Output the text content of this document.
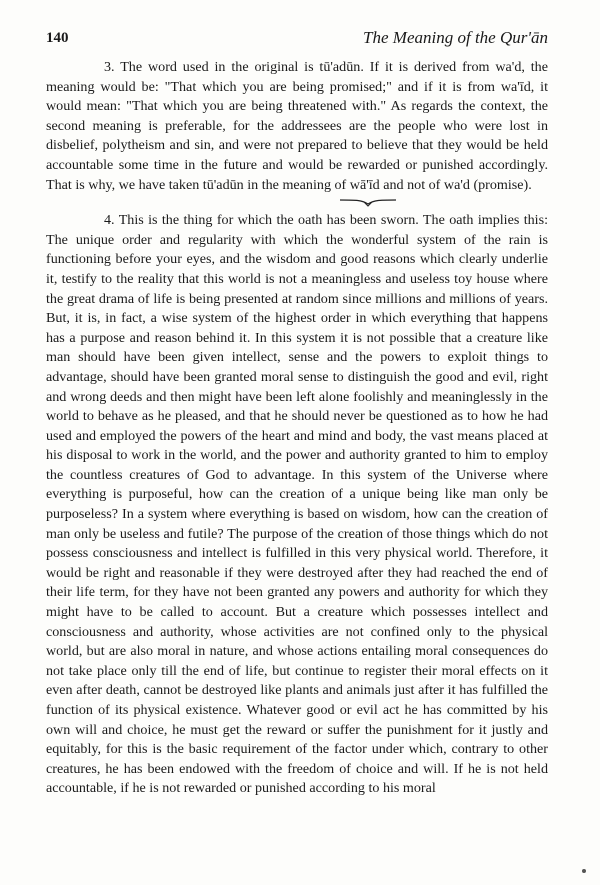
140	The Meaning of the Qur'ān

3. The word used in the original is tū'adūn. If it is derived from wa'd, the meaning would be: "That which you are being promised;" and if it is from wa'īd, it would mean: "That which you are being threatened with." As regards the context, the second meaning is preferable, for the addressees are the people who were lost in disbelief, polytheism and sin, and were not prepared to believe that they would be held accountable some time in the future and would be rewarded or punished accordingly. That is why, we have taken tū'adūn in the meaning of wā'īd and not of wa'd (promise).

4. This is the thing for which the oath has been sworn. The oath implies this: The unique order and regularity with which the wonderful system of the rain is functioning before your eyes, and the wisdom and good reasons which clearly underlie it, testify to the reality that this world is not a meaningless and useless toy house where the great drama of life is being presented at random since millions and millions of years. But, it is, in fact, a wise system of the highest order in which everything that happens has a purpose and reason behind it. In this system it is not possible that a creature like man should have been given intellect, sense and the powers to exploit things to advantage, should have been granted moral sense to distinguish the good and evil, right and wrong deeds and then might have been left alone foolishly and meaninglessly in the world to behave as he pleased, and that he should never be questioned as to how he had used and employed the powers of the heart and mind and body, the vast means placed at his disposal to work in the world, and the power and authority granted to him to employ the countless creatures of God to advantage. In this system of the Universe where everything is purposeful, how can the creation of a unique being like man only be purposeless? In a system where everything is based on wisdom, how can the creation of man only be useless and futile? The purpose of the creation of those things which do not possess consciousness and intellect is fulfilled in this very physical world. Therefore, it would be right and reasonable if they were destroyed after they had reached the end of their life term, for they have not been granted any powers and authority for which they might have to be called to account. But a creature which possesses intellect and consciousness and authority, whose activities are not confined only to the physical world, but are also moral in nature, and whose actions entailing moral consequences do not take place only till the end of life, but continue to register their moral effects on it even after death, cannot be destroyed like plants and animals just after it has fulfilled the function of its physical existence. Whatever good or evil act he has committed by his own will and choice, he must get the reward or suffer the punishment for it justly and equitably, for this is the basic requirement of the factor under which, contrary to other creatures, he has been endowed with the freedom of choice and will. If he is not held accountable, if he is not rewarded or punished according to his moral
